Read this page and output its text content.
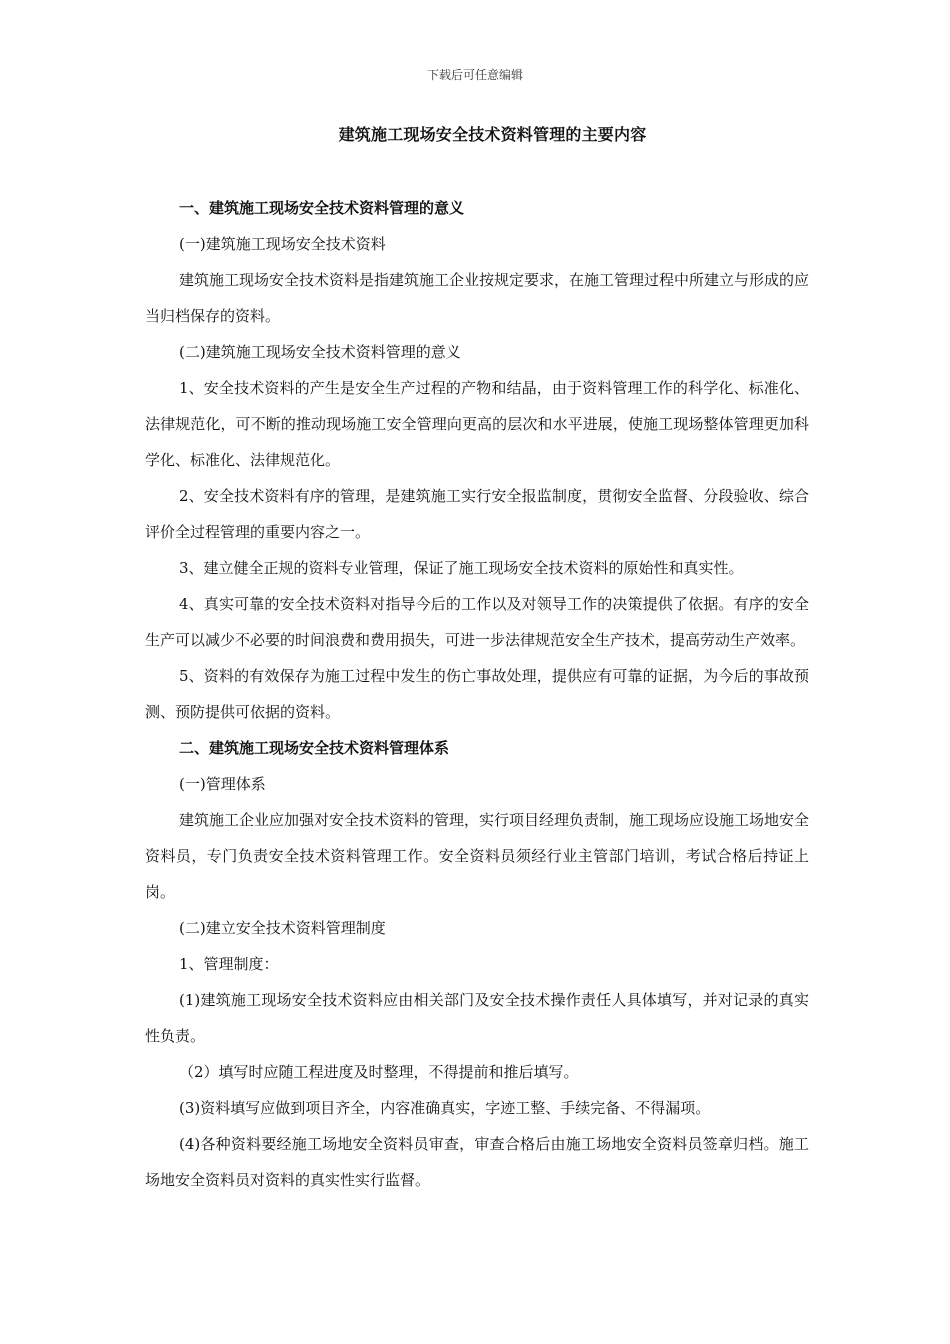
下载后可任意编辑
建筑施工现场安全技术资料管理的主要内容

一、建筑施工现场安全技术资料管理的意义

(一)建筑施工现场安全技术资料

建筑施工现场安全技术资料是指建筑施工企业按规定要求，在施工管理过程中所建立与形成的应当归档保存的资料。

(二)建筑施工现场安全技术资料管理的意义

1、安全技术资料的产生是安全生产过程的产物和结晶，由于资料管理工作的科学化、标准化、法律规范化，可不断的推动现场施工安全管理向更高的层次和水平进展，使施工现场整体管理更加科学化、标准化、法律规范化。

2、安全技术资料有序的管理，是建筑施工实行安全报监制度，贯彻安全监督、分段验收、综合评价全过程管理的重要内容之一。

3、建立健全正规的资料专业管理，保证了施工现场安全技术资料的原始性和真实性。

4、真实可靠的安全技术资料对指导今后的工作以及对领导工作的决策提供了依据。有序的安全生产可以减少不必要的时间浪费和费用损失，可进一步法律规范安全生产技术，提高劳动生产效率。

5、资料的有效保存为施工过程中发生的伤亡事故处理，提供应有可靠的证据，为今后的事故预测、预防提供可依据的资料。

二、建筑施工现场安全技术资料管理体系

(一)管理体系

建筑施工企业应加强对安全技术资料的管理，实行项目经理负责制，施工现场应设施工场地安全资料员，专门负责安全技术资料管理工作。安全资料员须经行业主管部门培训，考试合格后持证上岗。

(二)建立安全技术资料管理制度

1、管理制度：

(1)建筑施工现场安全技术资料应由相关部门及安全技术操作责任人具体填写，并对记录的真实性负责。

（2）填写时应随工程进度及时整理，不得提前和推后填写。

(3)资料填写应做到项目齐全，内容准确真实，字迹工整、手续完备、不得漏项。

(4)各种资料要经施工场地安全资料员审查，审查合格后由施工场地安全资料员签章归档。施工场地安全资料员对资料的真实性实行监督。
